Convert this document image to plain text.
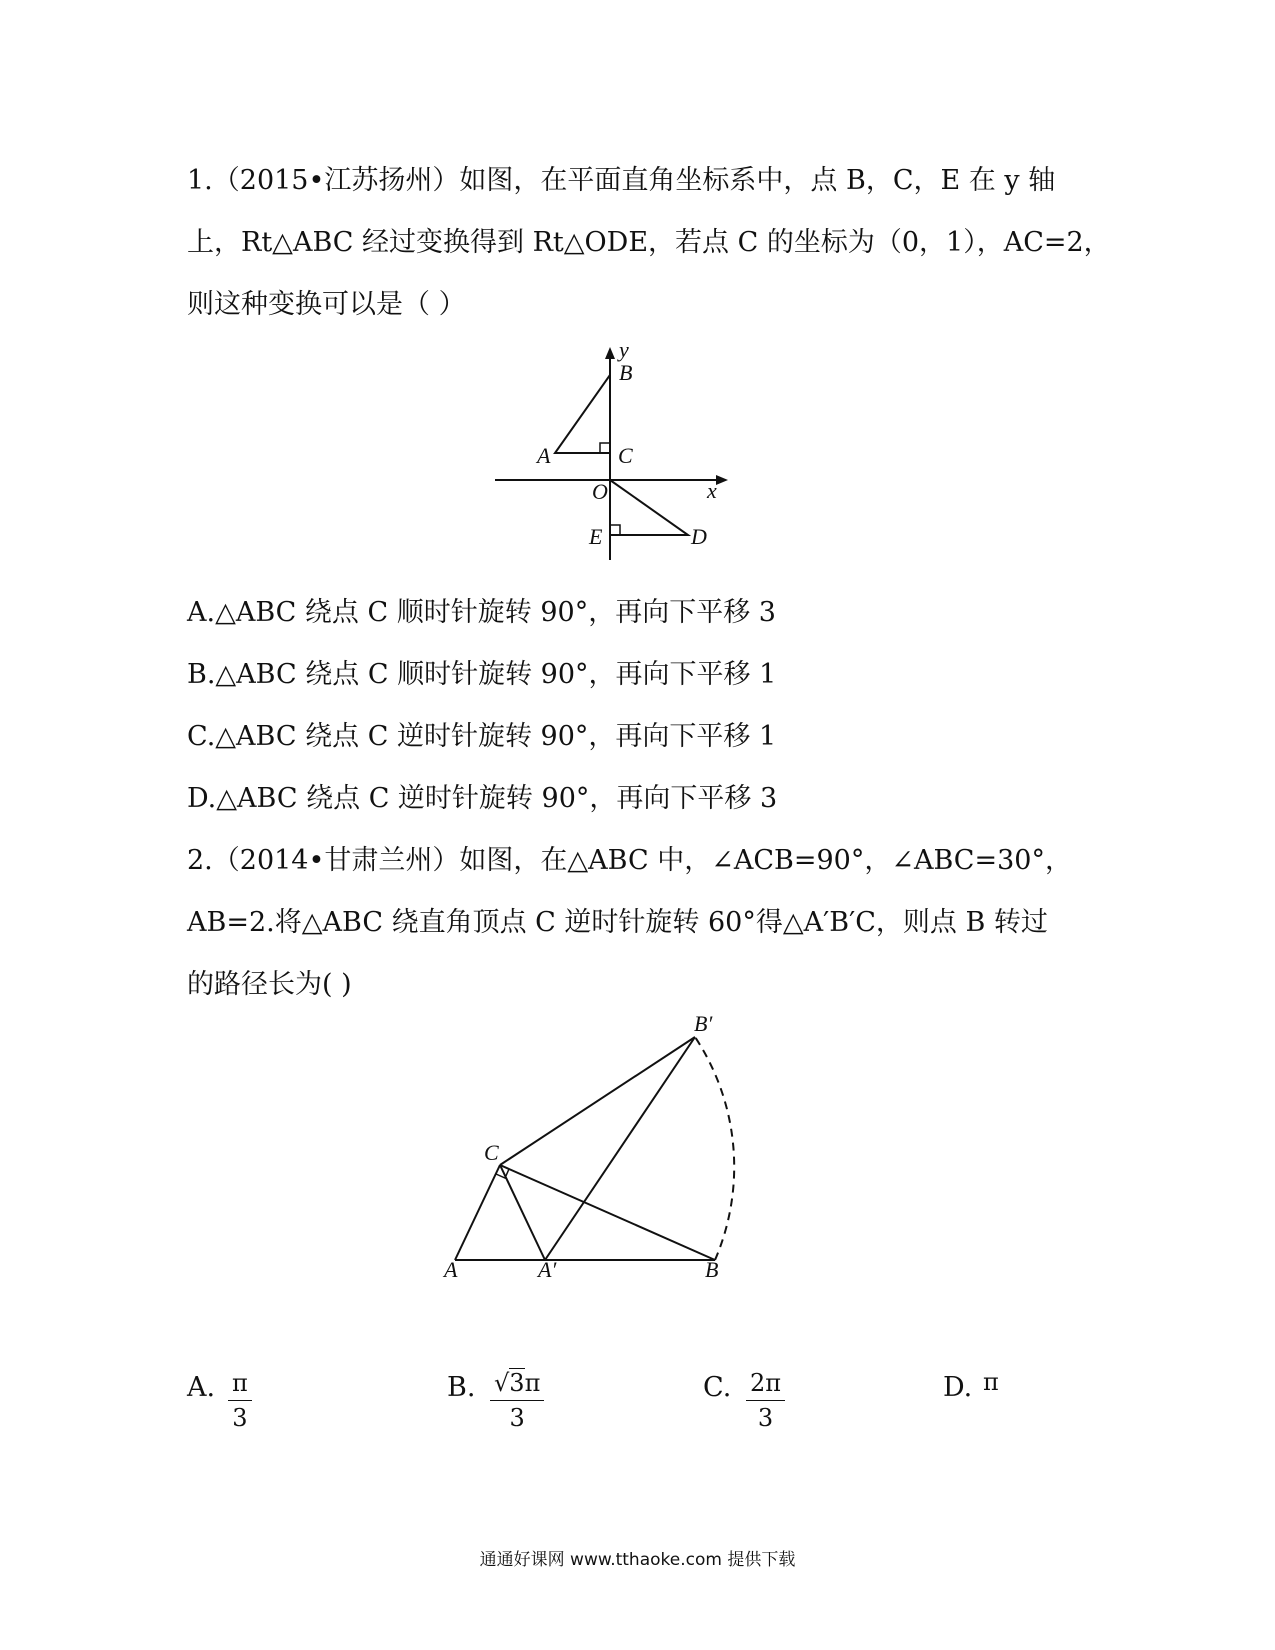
1.（2015•江苏扬州）如图，在平面直角坐标系中，点 B，C，E 在 y 轴
上，Rt△ABC 经过变换得到 Rt△ODE，若点 C 的坐标为（0，1），AC=2，
则这种变换可以是（ ）
y
B
A	C
O	x
E	D
A.△ABC 绕点 C 顺时针旋转 90°，再向下平移 3
B.△ABC 绕点 C 顺时针旋转 90°，再向下平移 1
C.△ABC 绕点 C 逆时针旋转 90°，再向下平移 1
D.△ABC 绕点 C 逆时针旋转 90°，再向下平移 3
2.（2014•甘肃兰州）如图，在△ABC 中，∠ACB=90°，∠ABC=30°，
AB=2.将△ABC 绕直角顶点 C 逆时针旋转 60°得△A′B′C，则点 B 转过
的路径长为( )
B′
C
A	A′	B
A. $\frac{\pi}{3}$	B. $\frac{√3\pi}{3}$	C. $\frac{2\pi}{3}$	D. π
通通好课网 www.tthaoke.com 提供下载
